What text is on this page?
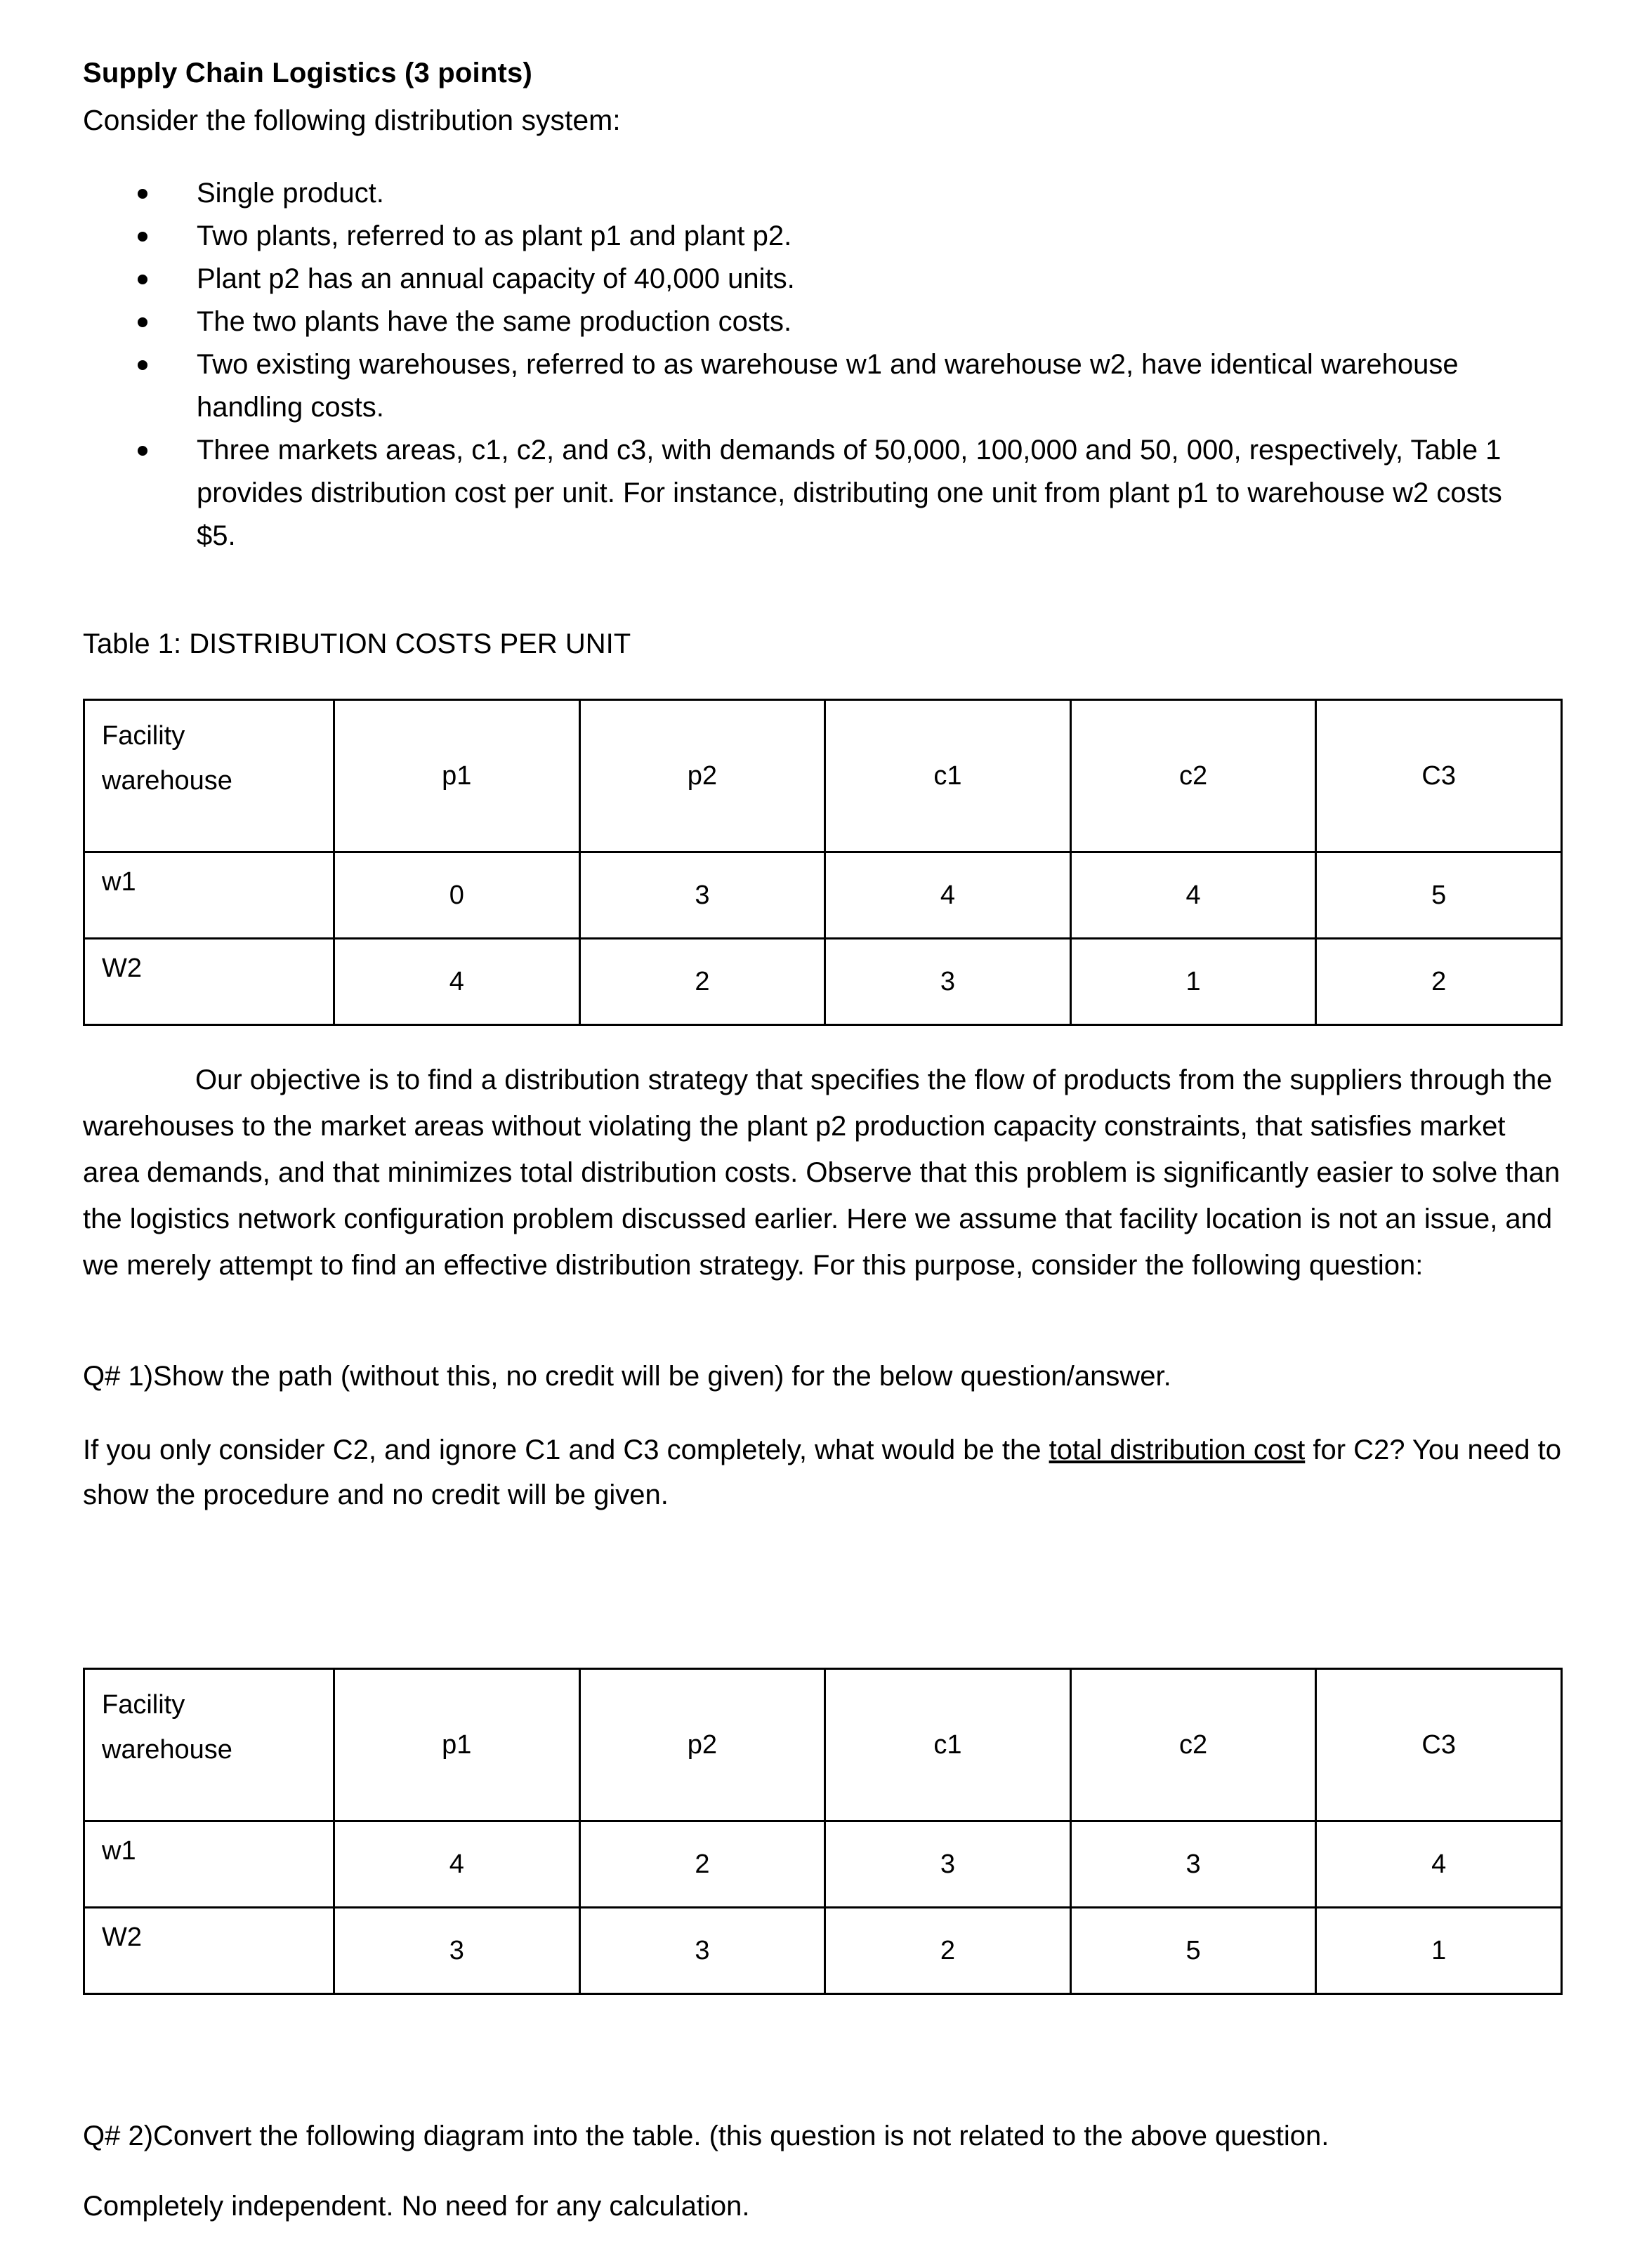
Supply Chain Logistics (3 points)
Consider the following distribution system:
Single product.
Two plants, referred to as plant p1 and plant p2.
Plant p2 has an annual capacity of 40,000 units.
The two plants have the same production costs.
Two existing warehouses, referred to as warehouse w1 and warehouse w2, have identical warehouse handling costs.
Three markets areas, c1, c2, and c3, with demands of 50,000, 100,000 and 50, 000, respectively, Table 1 provides distribution cost per unit. For instance, distributing one unit from plant p1 to warehouse w2 costs $5.
Table 1: DISTRIBUTION COSTS PER UNIT
Facility
warehouse	p1	p2	c1	c2	C3
w1	0	3	4	4	5
W2	4	2	3	1	2
Our objective is to find a distribution strategy that specifies the flow of products from the suppliers through the warehouses to the market areas without violating the plant p2 production capacity constraints, that satisfies market area demands, and that minimizes total distribution costs. Observe that this problem is significantly easier to solve than the logistics network configuration problem discussed earlier. Here we assume that facility location is not an issue, and we merely attempt to find an effective distribution strategy. For this purpose, consider the following question:
Q# 1)Show the path (without this, no credit will be given) for the below question/answer.
If you only consider C2, and ignore C1 and C3 completely, what would be the total distribution cost for C2? You need to show the procedure and no credit will be given.
Facility
warehouse	p1	p2	c1	c2	C3
w1	4	2	3	3	4
W2	3	3	2	5	1
Q# 2)Convert the following diagram into the table. (this question is not related to the above question.
Completely independent. No need for any calculation.
